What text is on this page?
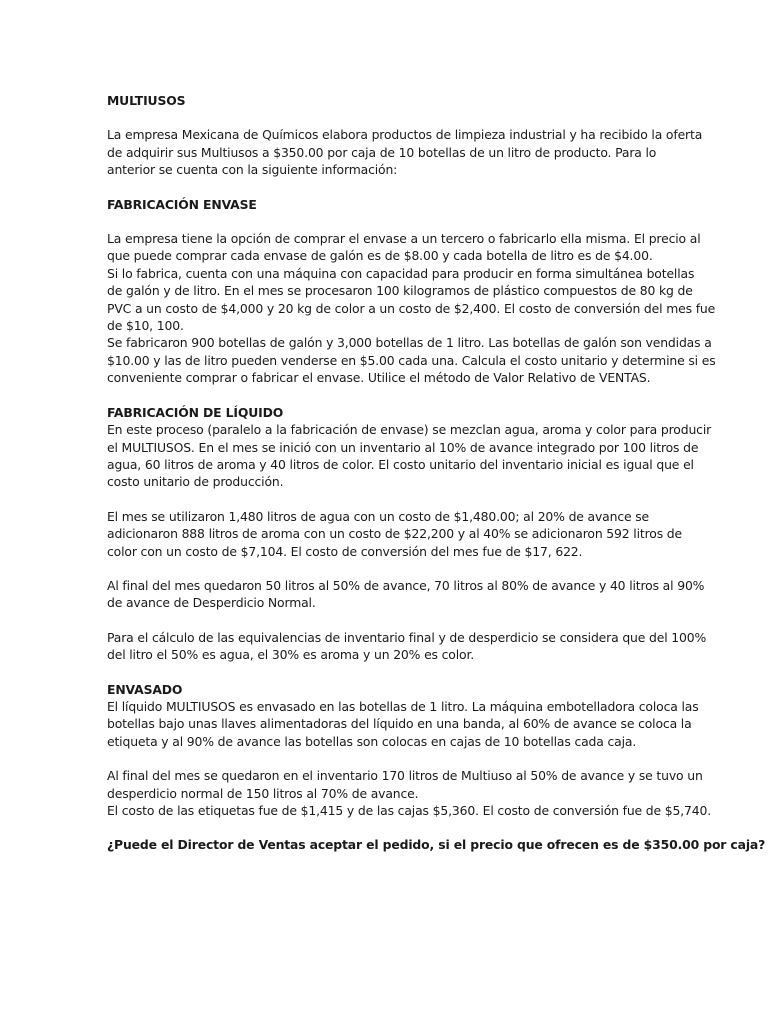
MULTIUSOS

La empresa Mexicana de Químicos elabora productos de limpieza industrial y ha recibido la oferta
de adquirir sus Multiusos a $350.00 por caja de 10 botellas de un litro de producto. Para lo
anterior se cuenta con la siguiente información:

FABRICACIÓN ENVASE

La empresa tiene la opción de comprar el envase a un tercero o fabricarlo ella misma. El precio al
que puede comprar cada envase de galón es de $8.00 y cada botella de litro es de $4.00.
Si lo fabrica, cuenta con una máquina con capacidad para producir en forma simultánea botellas
de galón y de litro. En el mes se procesaron 100 kilogramos de plástico compuestos de 80 kg de
PVC a un costo de $4,000 y 20 kg de color a un costo de $2,400. El costo de conversión del mes fue
de $10, 100.
Se fabricaron 900 botellas de galón y 3,000 botellas de 1 litro. Las botellas de galón son vendidas a
$10.00 y las de litro pueden venderse en $5.00 cada una. Calcula el costo unitario y determine si es
conveniente comprar o fabricar el envase. Utilice el método de Valor Relativo de VENTAS.

FABRICACIÓN DE LÍQUIDO

En este proceso (paralelo a la fabricación de envase) se mezclan agua, aroma y color para producir
el MULTIUSOS. En el mes se inició con un inventario al 10% de avance integrado por 100 litros de
agua, 60 litros de aroma y 40 litros de color. El costo unitario del inventario inicial es igual que el
costo unitario de producción.

El mes se utilizaron 1,480 litros de agua con un costo de $1,480.00; al 20% de avance se
adicionaron 888 litros de aroma con un costo de $22,200 y al 40% se adicionaron 592 litros de
color con un costo de $7,104. El costo de conversión del mes fue de $17, 622.

Al final del mes quedaron 50 litros al 50% de avance, 70 litros al 80% de avance y 40 litros al 90%
de avance de Desperdicio Normal.

Para el cálculo de las equivalencias de inventario final y de desperdicio se considera que del 100%
del litro el 50% es agua, el 30% es aroma y un 20% es color.

ENVASADO

El líquido MULTIUSOS es envasado en las botellas de 1 litro. La máquina embotelladora coloca las
botellas bajo unas llaves alimentadoras del líquido en una banda, al 60% de avance se coloca la
etiqueta y al 90% de avance las botellas son colocas en cajas de 10 botellas cada caja.

Al final del mes se quedaron en el inventario 170 litros de Multiuso al 50% de avance y se tuvo un
desperdicio normal de 150 litros al 70% de avance.
El costo de las etiquetas fue de $1,415 y de las cajas $5,360. El costo de conversión fue de $5,740.

¿Puede el Director de Ventas aceptar el pedido, si el precio que ofrecen es de $350.00 por caja?
